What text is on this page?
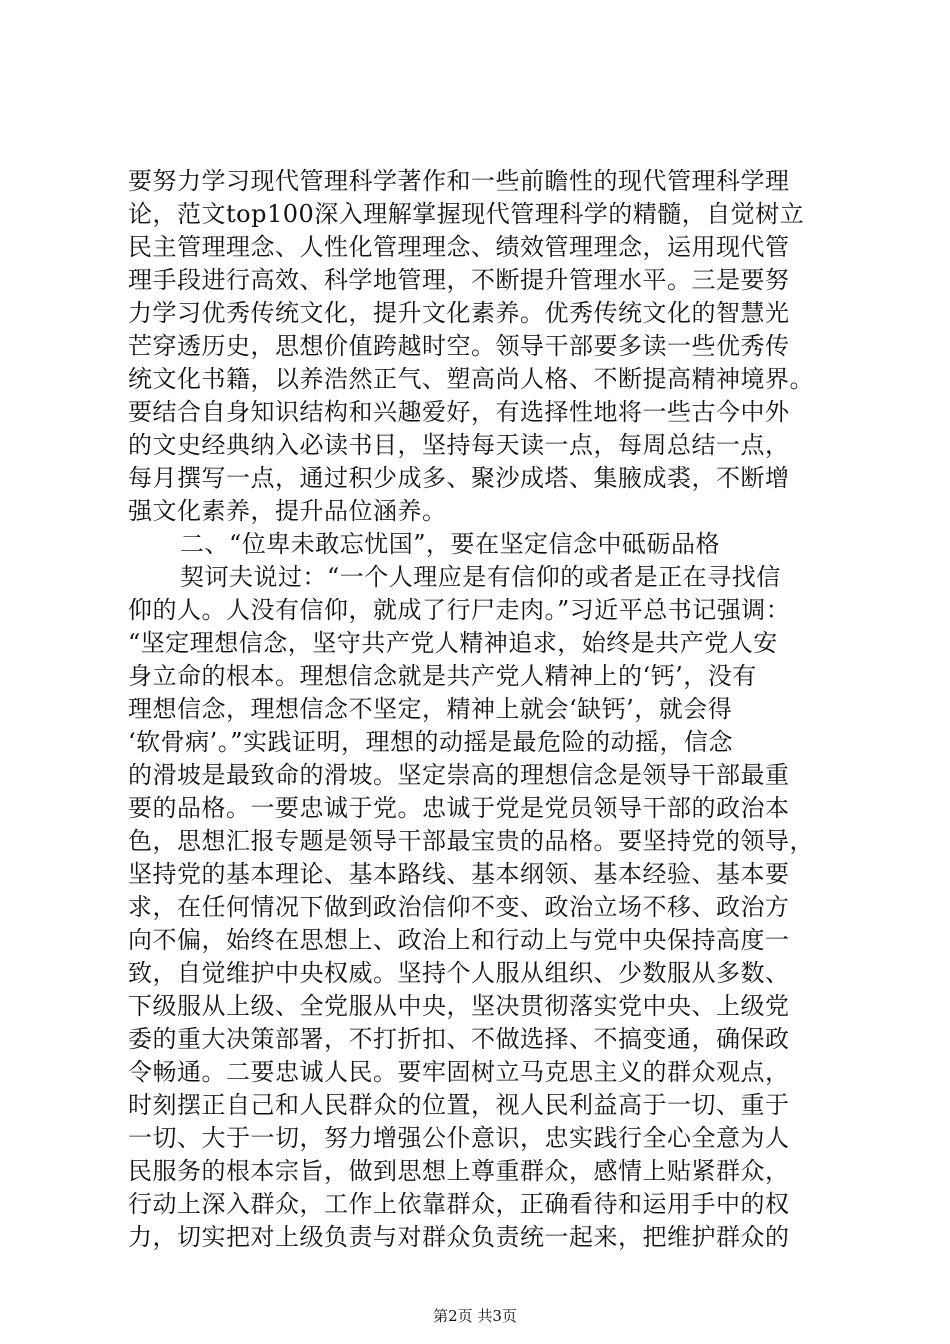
要努力学习现代管理科学著作和一些前瞻性的现代管理科学理
论，范文top100深入理解掌握现代管理科学的精髓，自觉树立
民主管理理念、人性化管理理念、绩效管理理念，运用现代管
理手段进行高效、科学地管理，不断提升管理水平。三是要努
力学习优秀传统文化，提升文化素养。优秀传统文化的智慧光
芒穿透历史，思想价值跨越时空。领导干部要多读一些优秀传
统文化书籍，以养浩然正气、塑高尚人格、不断提高精神境界。
要结合自身知识结构和兴趣爱好，有选择性地将一些古今中外
的文史经典纳入必读书目，坚持每天读一点，每周总结一点，
每月撰写一点，通过积少成多、聚沙成塔、集腋成裘，不断增
强文化素养，提升品位涵养。
二、“位卑未敢忘忧国”，要在坚定信念中砥砺品格
契诃夫说过：“一个人理应是有信仰的或者是正在寻找信
仰的人。人没有信仰，就成了行尸走肉。”习近平总书记强调：
“坚定理想信念，坚守共产党人精神追求，始终是共产党人安
身立命的根本。理想信念就是共产党人精神上的‘钙’，没有
理想信念，理想信念不坚定，精神上就会‘缺钙’，就会得
‘软骨病’。”实践证明，理想的动摇是最危险的动摇，信念
的滑坡是最致命的滑坡。坚定崇高的理想信念是领导干部最重
要的品格。一要忠诚于党。忠诚于党是党员领导干部的政治本
色，思想汇报专题是领导干部最宝贵的品格。要坚持党的领导，
坚持党的基本理论、基本路线、基本纲领、基本经验、基本要
求，在任何情况下做到政治信仰不变、政治立场不移、政治方
向不偏，始终在思想上、政治上和行动上与党中央保持高度一
致，自觉维护中央权威。坚持个人服从组织、少数服从多数、
下级服从上级、全党服从中央，坚决贯彻落实党中央、上级党
委的重大决策部署，不打折扣、不做选择、不搞变通，确保政
令畅通。二要忠诚人民。要牢固树立马克思主义的群众观点，
时刻摆正自己和人民群众的位置，视人民利益高于一切、重于
一切、大于一切，努力增强公仆意识，忠实践行全心全意为人
民服务的根本宗旨，做到思想上尊重群众，感情上贴紧群众，
行动上深入群众，工作上依靠群众，正确看待和运用手中的权
力，切实把对上级负责与对群众负责统一起来，把维护群众的
第2页 共3页
